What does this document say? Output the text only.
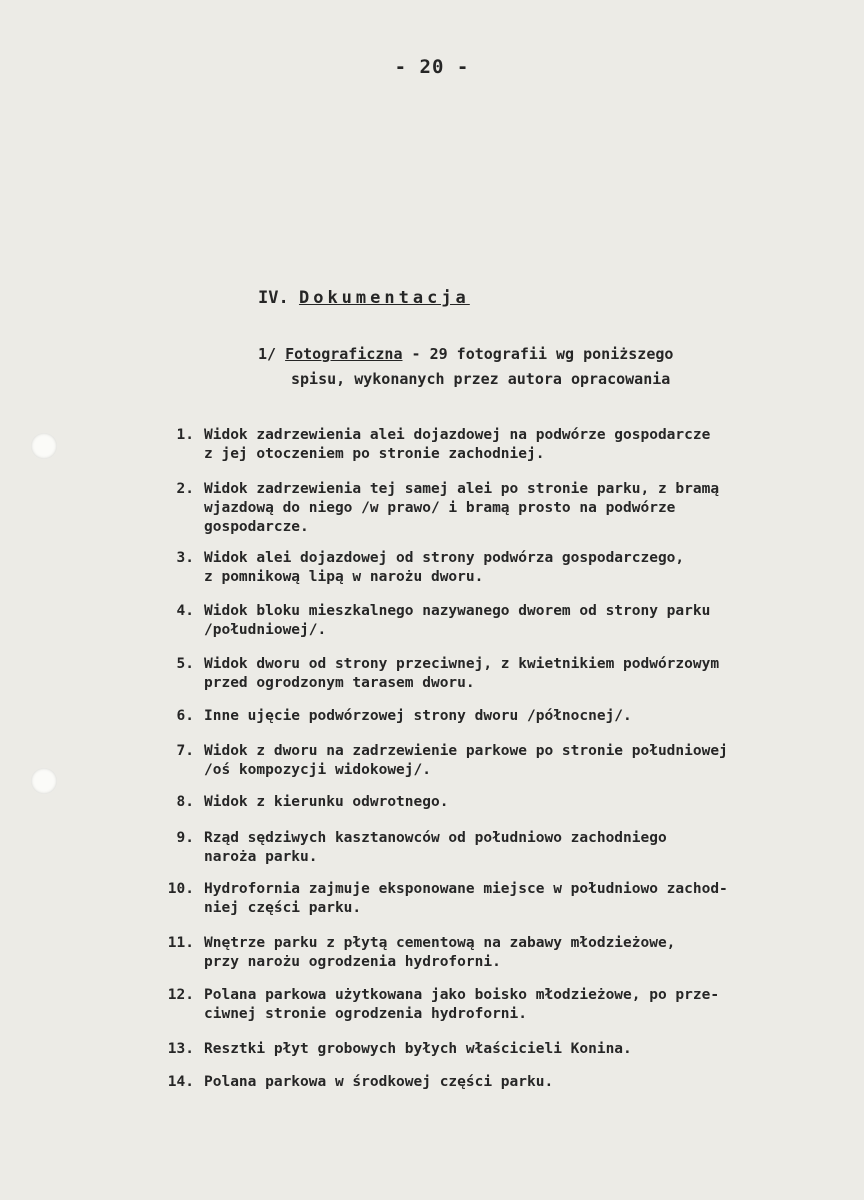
- 20 -
IV. Dokumentacja
1/ Fotograficzna - 29 fotografii wg poniższego
spisu, wykonanych przez autora opracowania
1. Widok zadrzewienia alei dojazdowej na podwórze gospodarcze
z jej otoczeniem po stronie zachodniej.
2. Widok zadrzewienia tej samej alei po stronie parku, z bramą
wjazdową do niego /w prawo/ i bramą prosto na podwórze
gospodarcze.
3. Widok alei dojazdowej od strony podwórza gospodarczego,
z pomnikową lipą w narożu dworu.
4. Widok bloku mieszkalnego nazywanego dworem od strony parku
/południowej/.
5. Widok dworu od strony przeciwnej, z kwietnikiem podwórzowym
przed ogrodzonym tarasem dworu.
6. Inne ujęcie podwórzowej strony dworu /północnej/.
7. Widok z dworu na zadrzewienie parkowe po stronie południowej
/oś kompozycji widokowej/.
8. Widok z kierunku odwrotnego.
9. Rząd sędziwych kasztanowców od południowo zachodniego
naroża parku.
10. Hydrofornia zajmuje eksponowane miejsce w południowo zachod-
niej części parku.
11. Wnętrze parku z płytą cementową na zabawy młodzieżowe,
przy narożu ogrodzenia hydroforni.
12. Polana parkowa użytkowana jako boisko młodzieżowe, po prze-
ciwnej stronie ogrodzenia hydroforni.
13. Resztki płyt grobowych byłych właścicieli Konina.
14. Polana parkowa w środkowej części parku.
